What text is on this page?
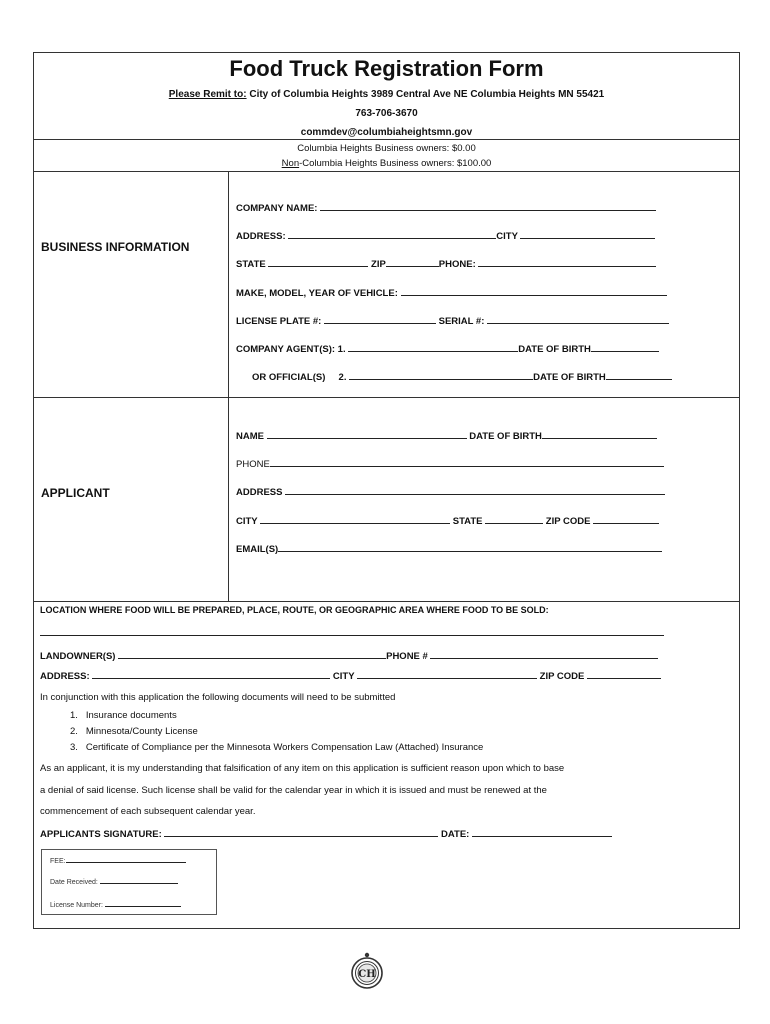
Food Truck Registration Form
Please Remit to: City of Columbia Heights 3989 Central Ave NE Columbia Heights MN 55421
763-706-3670
commdev@columbiaheightsmn.gov
Columbia Heights Business owners: $0.00
Non-Columbia Heights Business owners: $100.00
BUSINESS INFORMATION
COMPANY NAME:
ADDRESS:	CITY
STATE	ZIP	PHONE:
MAKE, MODEL, YEAR OF VEHICLE:
LICENSE PLATE #:	SERIAL #:
COMPANY AGENT(S): 1.	DATE OF BIRTH
OR OFFICIAL(S)     2.	DATE OF BIRTH
APPLICANT
NAME	DATE OF BIRTH
PHONE
ADDRESS
CITY	STATE	ZIP CODE
EMAIL(S)
LOCATION WHERE FOOD WILL BE PREPARED, PLACE, ROUTE, OR GEOGRAPHIC AREA WHERE FOOD TO BE SOLD:
LANDOWNER(S)	PHONE #
ADDRESS:	CITY	ZIP CODE
In conjunction with this application the following documents will need to be submitted
1. Insurance documents
2. Minnesota/County License
3. Certificate of Compliance per the Minnesota Workers Compensation Law (Attached) Insurance
As an applicant, it is my understanding that falsification of any item on this application is sufficient reason upon which to base
a denial of said license. Such license shall be valid for the calendar year in which it is issued and must be renewed at the
commencement of each subsequent calendar year.
APPLICANTS SIGNATURE:	DATE:
FEE:
Date Received:
License Number:
CH
